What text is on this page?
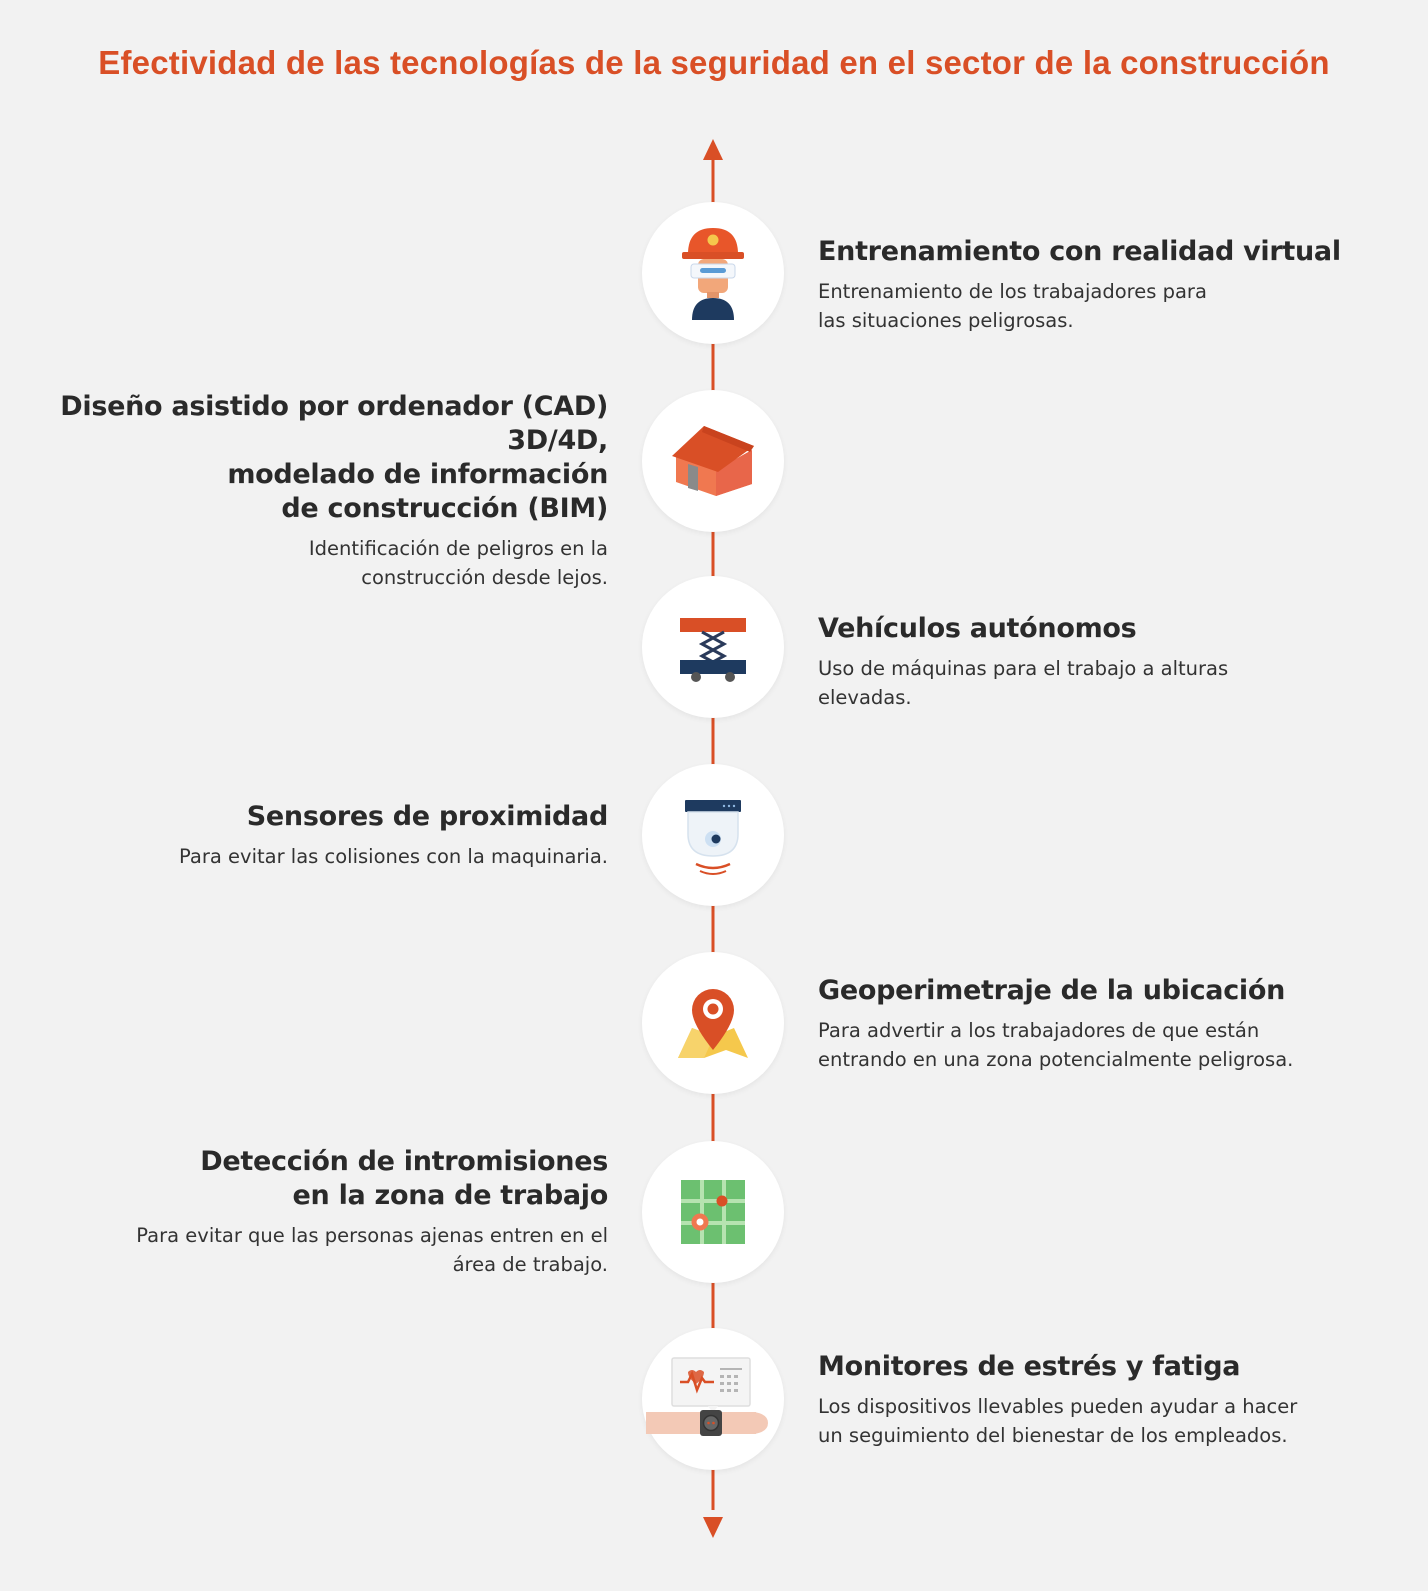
Efectividad de las tecnologías de la seguridad en el sector de la construcción
Entrenamiento con realidad virtual

Entrenamiento de los trabajadores para
las situaciones peligrosas.

Diseño asistido por ordenador (CAD) 3D/4D,
modelado de información
de construcción (BIM)

Identificación de peligros en la
construcción desde lejos.

Vehículos autónomos

Uso de máquinas para el trabajo a alturas
elevadas.

Sensores de proximidad

Para evitar las colisiones con la maquinaria.

Geoperimetraje de la ubicación

Para advertir a los trabajadores de que están
entrando en una zona potencialmente peligrosa.

Detección de intromisiones
en la zona de trabajo

Para evitar que las personas ajenas entren en el
área de trabajo.

Monitores de estrés y fatiga

Los dispositivos llevables pueden ayudar a hacer
un seguimiento del bienestar de los empleados.
